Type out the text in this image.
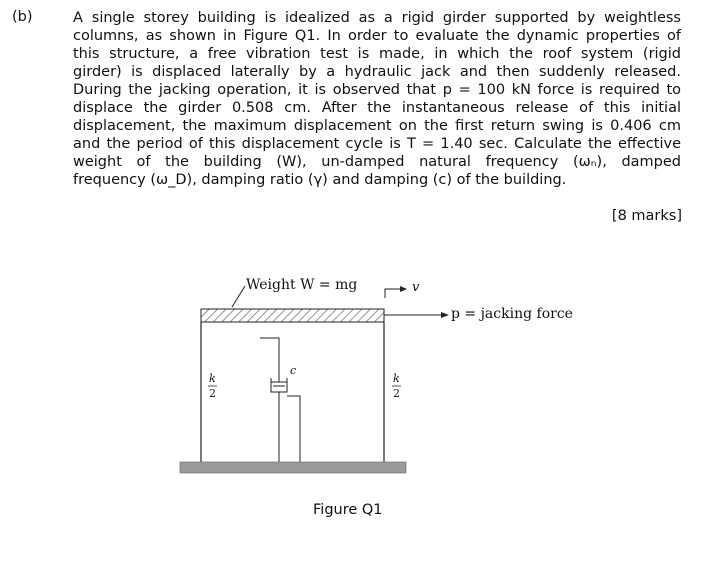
(b)	A single storey building is idealized as a rigid girder supported by weightless
columns, as shown in Figure Q1. In order to evaluate the dynamic properties of
this structure, a free vibration test is made, in which the roof system (rigid
girder) is displaced laterally by a hydraulic jack and then suddenly released.
During the jacking operation, it is observed that p = 100 kN force is required to
displace the girder 0.508 cm. After the instantaneous release of this initial
displacement, the maximum displacement on the first return swing is 0.406 cm
and the period of this displacement cycle is T = 1.40 sec. Calculate the effective
weight of the building (W), un-damped natural frequency (ωₙ), damped
frequency (ω_D), damping ratio (γ) and damping (c) of the building.
[8 marks]
Weight W = mg	v
p = jacking force
k
2
k
2
c
Figure Q1
